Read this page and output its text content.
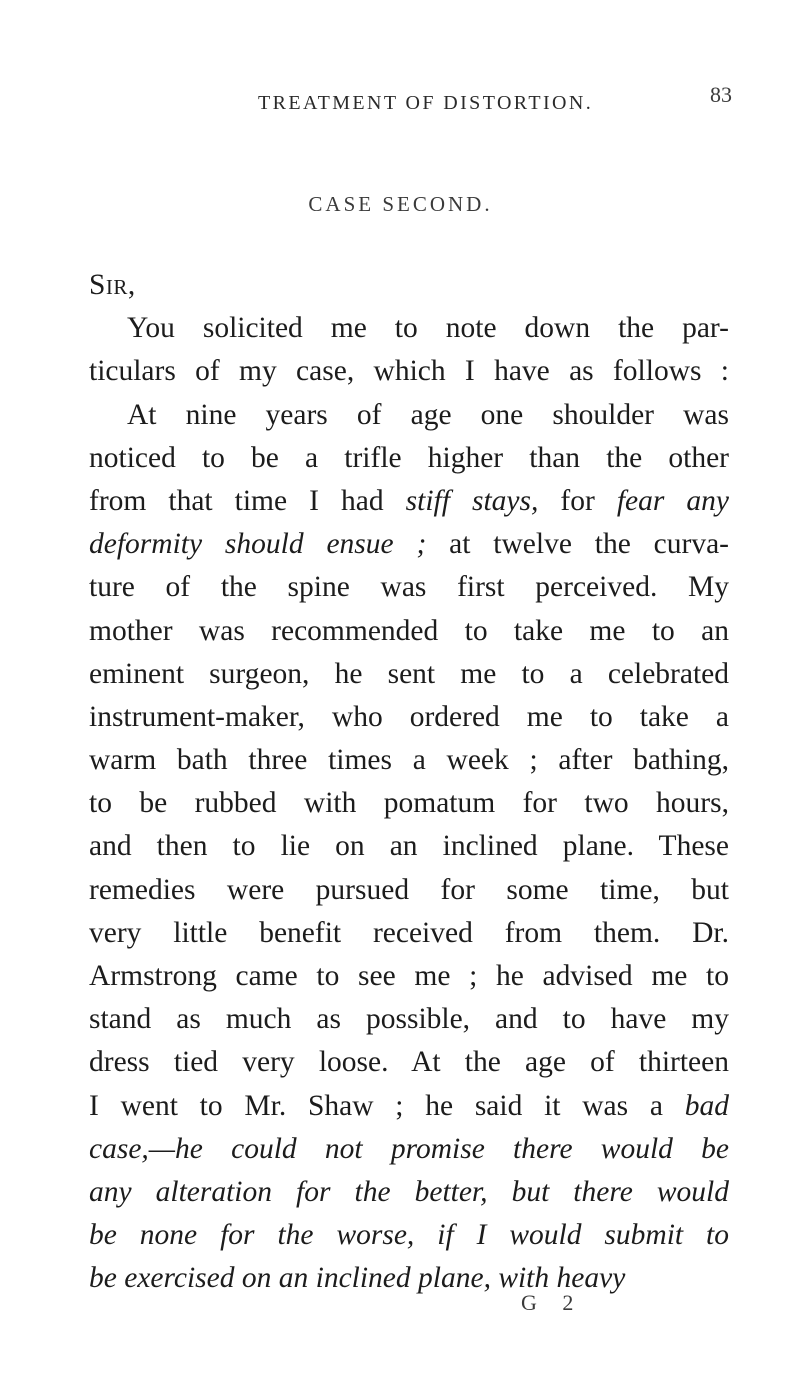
TREATMENT OF DISTORTION.	83
CASE SECOND.
Sir,
You solicited me to note down the par-
ticulars of my case, which I have as follows :
At nine years of age one shoulder was
noticed to be a trifle higher than the other
from that time I had stiff stays, for fear any
deformity should ensue ; at twelve the curva-
ture of the spine was first perceived. My
mother was recommended to take me to an
eminent surgeon, he sent me to a celebrated
instrument-maker, who ordered me to take a
warm bath three times a week ; after bathing,
to be rubbed with pomatum for two hours,
and then to lie on an inclined plane. These
remedies were pursued for some time, but
very little benefit received from them. Dr.
Armstrong came to see me ; he advised me to
stand as much as possible, and to have my
dress tied very loose. At the age of thirteen
I went to Mr. Shaw ; he said it was a bad
case,—he could not promise there would be
any alteration for the better, but there would
be none for the worse, if I would submit to
be exercised on an inclined plane, with heavy
G 2
